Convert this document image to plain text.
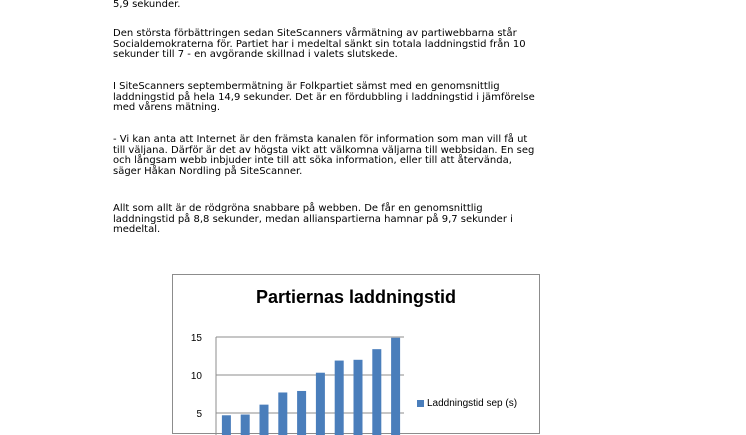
5,9 sekunder.

Den största förbättringen sedan SiteScanners vårmätning av partiwebbarna står
Socialdemokraterna för. Partiet har i medeltal sänkt sin totala laddningstid från 10
sekunder till 7 - en avgörande skillnad i valets slutskede.

I SiteScanners septembermätning är Folkpartiet sämst med en genomsnittlig
laddningstid på hela 14,9 sekunder. Det är en fördubbling i laddningstid i jämförelse
med vårens mätning.

- Vi kan anta att Internet är den främsta kanalen för information som man vill få ut
till väljana. Därför är det av högsta vikt att välkomna väljarna till webbsidan. En seg
och långsam webb inbjuder inte till att söka information, eller till att återvända,
säger Håkan Nordling på SiteScanner.

Allt som allt är de rödgröna snabbare på webben. De får en genomsnittlig
laddningstid på 8,8 sekunder, medan allianspartierna hamnar på 9,7 sekunder i
medeltal.

Partiernas laddningstid
15
10
5
Laddningstid sep (s)
